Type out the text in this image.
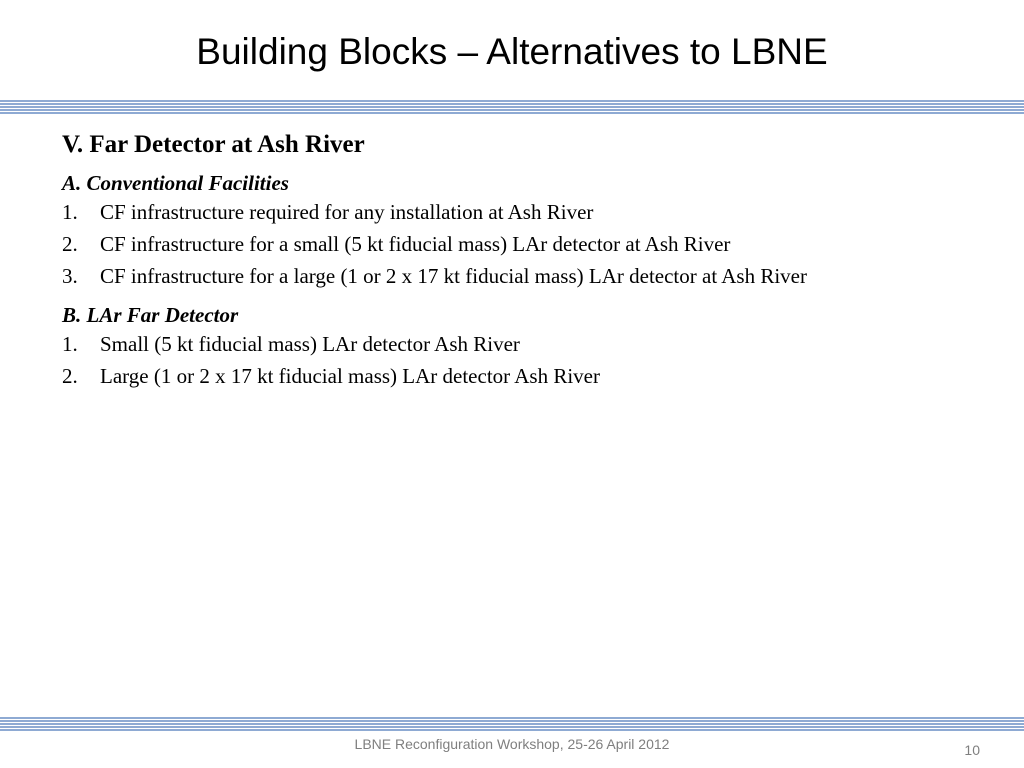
Building Blocks – Alternatives to LBNE
V. Far Detector at Ash River
A. Conventional Facilities
1. CF infrastructure required for any installation at Ash River
2. CF infrastructure for a small (5 kt fiducial mass) LAr detector at Ash River
3. CF infrastructure for a large (1 or 2 x 17 kt fiducial mass) LAr detector at Ash River
B. LAr Far Detector
1. Small (5 kt fiducial mass) LAr detector Ash River
2. Large (1 or 2 x 17 kt fiducial mass) LAr detector Ash River
LBNE Reconfiguration Workshop, 25-26 April 2012	10
